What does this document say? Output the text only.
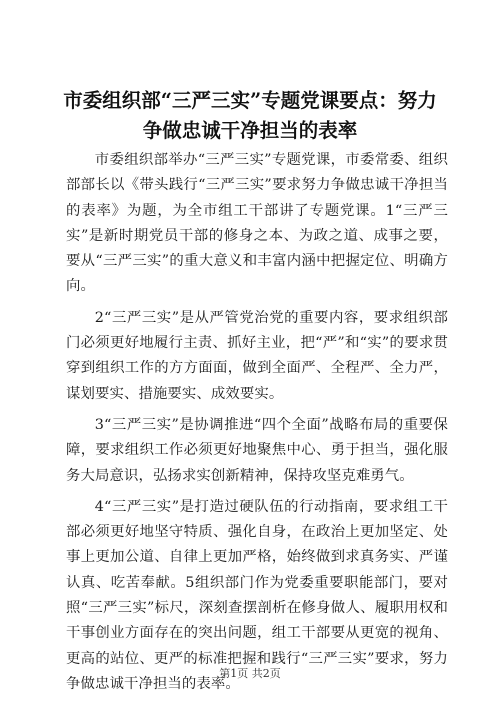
市委组织部“三严三实”专题党课要点：努力争做忠诚干净担当的表率

市委组织部举办“三严三实”专题党课，市委常委、组织部部长以《带头践行“三严三实”要求努力争做忠诚干净担当的表率》为题，为全市组工干部讲了专题党课。1“三严三实”是新时期党员干部的修身之本、为政之道、成事之要，要从“三严三实”的重大意义和丰富内涵中把握定位、明确方向。

2“三严三实”是从严管党治党的重要内容，要求组织部门必须更好地履行主责、抓好主业，把“严”和“实”的要求贯穿到组织工作的方方面面，做到全面严、全程严、全力严，谋划要实、措施要实、成效要实。

3“三严三实”是协调推进“四个全面”战略布局的重要保障，要求组织工作必须更好地聚焦中心、勇于担当，强化服务大局意识，弘扬求实创新精神，保持攻坚克难勇气。

4“三严三实”是打造过硬队伍的行动指南，要求组工干部必须更好地坚守特质、强化自身，在政治上更加坚定、处事上更加公道、自律上更加严格，始终做到求真务实、严谨认真、吃苦奉献。5组织部门作为党委重要职能部门，要对照“三严三实”标尺，深刻查摆剖析在修身做人、履职用权和干事创业方面存在的突出问题，组工干部要从更宽的视角、更高的站位、更严的标准把握和践行“三严三实”要求，努力争做忠诚干净担当的表率。

第1页 共2页
